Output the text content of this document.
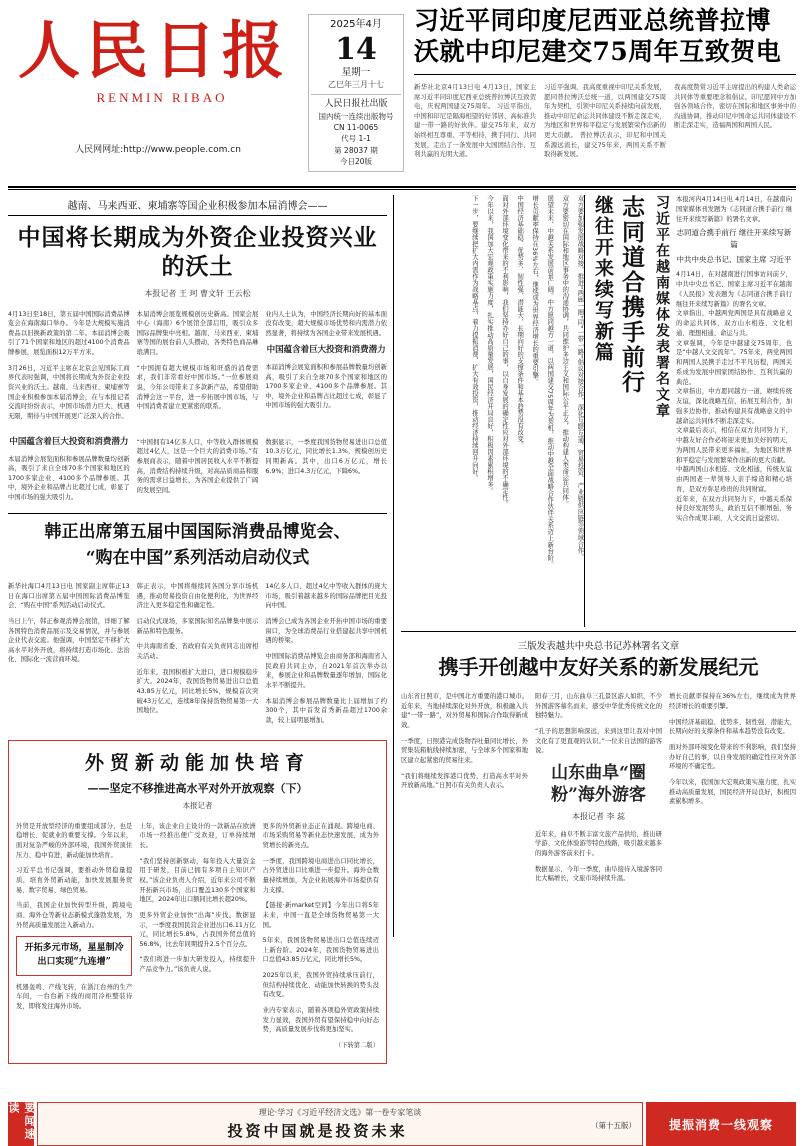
人民日报
RENMIN RIBAO
人民网网址:http://www.people.com.cn
2025年4月
14
星期一
乙巳年三月十七
人民日报社出版
国内统一连续出版物号
CN 11-0065
代号 1-1
第 28037 期
今日20版
习近平同印度尼西亚总统普拉博沃就中印尼建交75周年互致贺电
新华社北京4月13日电 4月13日，国家主席习近平同印度尼西亚总统普拉博沃互致贺电，庆祝两国建交75周年。 习近平指出，中国和印尼是隔海相望的好邻居、高标准共建一带一路的好伙伴。建交75年来，双方始终相互尊重、平等相待，携手同行、共同发展，走出了一条发展中大国团结合作、互利共赢的光明大道。
习近平强调，我高度重视中印尼关系发展，愿同普拉博沃总统一道，以两国建交75周年为契机，引领中印尼关系持续向前发展，推动中印尼命运共同体建设不断走深走实，为地区和世界和平稳定与发展繁荣作出新的更大贡献。 普拉博沃表示，印尼和中国关系源远流长，建交75年来，两国关系不断取得新发展。
我高度赞赏习近平主席提出的构建人类命运共同体等重要理念和倡议。印尼愿同中方加强各领域合作，密切在国际和地区事务中的沟通协调，推动印尼中国命运共同体建设不断走深走实，造福两国和两国人民。
越南、马来西亚、柬埔寨等国企业积极参加本届消博会——
中国将长期成为外资企业投资兴业的沃土
本报记者 王 珂 曹文轩 王云松

4月13日至18日，第五届中国国际消费品博览会在海南海口举办。今年是大规模实施消费品以旧换新政策的第二年。本届消博会吸引了71个国家和地区的超过4100个消费品牌参展，展览面积12万平方米。

3月26日，习近平主席在北京会见国际工商界代表时强调，中国将长期成为外资企业投资兴业的沃土。越南、马来西亚、柬埔寨等国企业积极参加本届消博会，在与本报记者交流时纷纷表示，中国市场潜力巨大、机遇无限，期待与中国开展更广泛深入的合作。

本届消博会展览规模创历史新高。国家会展中心（海南）6个展馆全部启用，吸引众多国际品牌集中亮相。越南、马来西亚、柬埔寨等国的展台前人头攒动，各类特色商品琳琅满目。

“中国拥有超大规模市场和旺盛的消费需求，我们非常看好中国市场。”一位参展商说，今年公司带来了多款新产品，希望借助消博会这一平台，进一步拓展中国市场，与中国消费者建立更紧密的联系。

业内人士认为，中国经济长期向好的基本面没有改变，超大规模市场优势和内需潜力依然显著，将持续为各国企业带来发展机遇。

中国蕴含着巨大投资和消费潜力

本届消博会展览面积和参展品牌数量均创新高，吸引了来自全球70多个国家和地区的1700多家企业、4100多个品牌参展。其中，境外企业和品牌占比超过七成，彰显了中国市场的强大吸引力。

中国蕴含着巨大投资和消费潜力

本届消博会展览面积和参展品牌数量均创新高，吸引了来自全球70多个国家和地区的1700多家企业、4100多个品牌参展。其中，境外企业和品牌占比超过七成，彰显了中国市场的强大吸引力。

“中国拥有14亿多人口，中等收入群体规模超过4亿人，这是一个巨大的消费市场。”有参展商表示，随着中国居民收入水平不断提高，消费结构持续升级，对高品质商品和服务的需求日益增长，为各国企业提供了广阔的发展空间。

数据显示，一季度我国货物贸易进出口总值10.3万亿元，同比增长1.3%，规模创历史同期新高。其中，出口6万亿元，增长6.9%；进口4.3万亿元，下降6%。

韩正出席第五届中国国际消费品博览会、
“购在中国”系列活动启动仪式

新华社海口4月13日电 国家副主席韩正13日在海口出席第五届中国国际消费品博览会、“购在中国”系列活动启动仪式。

当日上午，韩正参观消博会展馆，详细了解各国特色消费品展示及交易情况，并与参展企业代表交流。他强调，中国坚定不移扩大高水平对外开放，将持续打造市场化、法治化、国际化一流营商环境。

韩正表示，中国将继续同各国分享市场机遇，推动贸易投资自由化便利化，为世界经济注入更多稳定性和确定性。

启动仪式现场，多家国际知名品牌集中展示新品和特色服务。

中共海南省委、省政府有关负责同志出席相关活动。

近年来，我国积极扩大进口，进口规模稳步扩大。2024年，我国货物贸易进出口总值43.85万亿元，同比增长5%，规模首次突破43万亿元，连续8年保持货物贸易第一大国地位。

14亿多人口、超过4亿中等收入群体的庞大市场，吸引着越来越多的国际品牌把目光投向中国。

消博会已成为各国企业开拓中国市场的重要窗口，为全球消费品行业搭建起共享中国机遇的桥梁。

中国国际消费品博览会由商务部和海南省人民政府共同主办，自2021年首次举办以来，参展企业和品牌数量逐年增加，国际化水平不断提升。

本届消博会参展品牌数量比上届增加了约300个，其中首发首秀新品超过1700余款，较上届明显增加。

外贸新动能加快培育
——坚定不移推进高水平对外开放观察（下）
本报记者

外贸是开放型经济的重要组成部分，也是稳增长、促就业的重要支撑。今年以来，面对复杂严峻的外部环境，我国外贸顶住压力、稳中有进，新动能加快培育。

习近平总书记强调，要推动外贸稳量提质，培育外贸新动能，加快发展服务贸易、数字贸易、绿色贸易。

当前，我国企业加快转型升级，跨境电商、海外仓等新业态新模式蓬勃发展，为外贸高质量发展注入新动力。

开拓多元市场，星星制冷出口实现“九连增”

机器轰鸣、产线飞转，在浙江台州的生产车间，一台台新下线的商用冷柜整装待发，即将发往海外市场。

上年，该企业自主设计的一款新品在欧洲市场一经推出便广受欢迎，订单持续增长。

“我们坚持创新驱动，每年投入大量资金用于研发，目前已拥有多项自主知识产权。”该企业负责人介绍，近年来公司不断开拓新兴市场，出口覆盖130多个国家和地区，2024年出口额同比增长超20%。

更多外贸企业加快“出海”步伐。数据显示，一季度我国民营企业进出口6.11万亿元，同比增长5.8%，占我国外贸总值的56.8%，比去年同期提升2.5个百分点。

“我们将进一步加大研发投入，持续提升产品竞争力。”该负责人说。

更多的外贸新业态正在涌现。跨境电商、市场采购贸易等新业态快速发展，成为外贸增长的新亮点。

一季度，我国跨境电商进出口同比增长，占外贸进出口比重进一步提升。海外仓数量持续增加，为企业拓展海外市场提供有力支撑。

【链接·新market空间】今年出口将5年未来，中国一直是全球货物贸易第一大国。

5年来，我国货物贸易进出口总值连续迈上新台阶。2024年，我国货物贸易进出口总值43.85万亿元，同比增长5%。

2025年以来，我国外贸持续承压前行，但结构持续优化、动能加快转换的势头没有改变。

业内专家表示，随着各项稳外贸政策持续发力显效，我国外贸有望保持稳中向好态势，高质量发展步伐将更加坚实。

（下转第二版）

下一步，要继续把扩大内需作为战略基点，着力提振消费、扩大有效投资，推动经济持续回升向好。	今年以来，我国加大宏观政策实施力度，扎实推动高质量发展，国民经济开局良好，积极因素累积增多。	面对外部环境变化带来的不利影响，我们坚持办好自己的事，以自身发展的确定性应对外部环境的不确定性。	中国经济基础稳、优势多、韧性强、潜能大，长期向好的支撑条件和基本趋势没有改变。	增长贡献率保持在36%左右，继续成为世界经济增长的重要引擎。	展望未来，中越关系发展前景广阔。中方愿同越方一道，以两国建交75周年为契机，推动中越全面战略合作伙伴关系迈上新台阶。	双方要密切在国际和地区事务中的沟通协调，共同维护多边主义和国际公平正义，推动构建人类命运共同体。	双方要加强发展战略对接，推进“两廊一圈”同“一带一路”倡议对接合作，深化互联互通、贸易投资、产业链供应链等领域合作。 继往开来续写新篇 志同道合携手前行 习近平在越南媒体发表署名文章 本报河内4月14日电 4月14日，在越南向国家媒体刊发题为《志同道合携手前行 继往开来续写新篇》的署名文章。
志同道合携手前行 继往开来续写新篇
中共中央总书记、国家主席 习近平
4月14日，在对越南进行国事访问前夕，中共中央总书记、国家主席习近平在越南《人民报》发表题为《志同道合携手前行 继往开来续写新篇》的署名文章。
文章指出，中越两党两国是具有战略意义的命运共同体，双方山水相连、文化相通、理想相通、命运与共。
文章强调，今年是中越建交75周年，也是“中越人文交流年”。75年来，两党两国和两国人民携手走过不平凡历程，两国关系成为发展中国家团结协作、互利共赢的典范。
文章指出，中方愿同越方一道，赓续传统友谊，深化战略互信，拓展互利合作，加强多边协作，推动构建具有战略意义的中越命运共同体不断走深走实。
文章最后表示，相信在双方共同努力下，中越友好合作必将迎来更加美好的明天，为两国人民带来更多福祉，为地区和世界和平稳定与发展繁荣作出新的更大贡献。
中越两国山水相连、文化相通，传统友谊由两国老一辈领导人亲手缔造和精心培育，是双方弥足珍贵的共同财富。
近年来，在双方共同努力下，中越关系保持良好发展势头，政治互信不断增强，务实合作成果丰硕，人文交流日益密切。
三版发表越共中央总书记苏林署名文章
携手开创越中友好关系的新发展纪元

山东省日照市，是中国北方重要的港口城市。近年来，当地持续深化对外开放，积极融入共建“一带一路”，对外贸易和国际合作取得新成效。

一季度，日照港完成货物吞吐量同比增长，外贸集装箱航线持续加密，与全球多个国家和地区建立起紧密的贸易往来。

“我们将继续发挥港口优势，打造高水平对外开放新高地。”日照市有关负责人表示。

阳春三月，山东曲阜三孔景区游人如织，不少外国游客慕名而来，感受中华优秀传统文化的独特魅力。

“孔子的思想影响深远，来到这里让我对中国文化有了更直观的认识。”一位来自法国的游客说。

山东曲阜“圈粉”海外游客
本报记者 李 蕊

近年来，曲阜不断丰富文旅产品供给，推出研学游、文化体验游等特色线路，吸引越来越多的海外游客前来打卡。

数据显示，今年一季度，曲阜接待入境游客同比大幅增长，文旅市场持续升温。

增长贡献率保持在36%左右，继续成为世界经济增长的重要引擎。

中国经济基础稳、优势多、韧性强、潜能大，长期向好的支撑条件和基本趋势没有改变。

面对外部环境变化带来的不利影响，我们坚持办好自己的事，以自身发展的确定性应对外部环境的不确定性。

今年以来，我国加大宏观政策实施力度，扎实推动高质量发展，国民经济开局良好，积极因素累积增多。

要闻速读	理论·学习《习近平经济文选》第一卷专家笔谈
投资中国就是投资未来	（第十五版）	提振消费一线观察
